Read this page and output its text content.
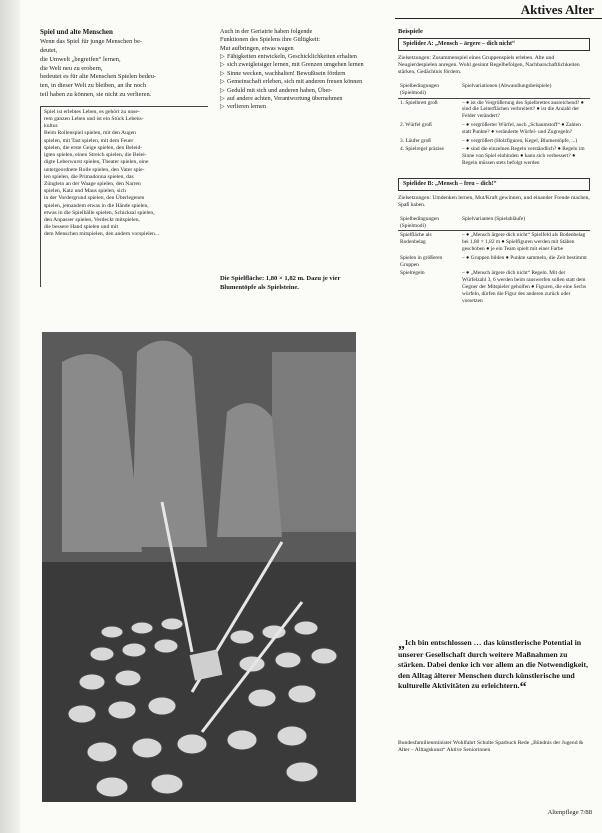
Aktives Alter
Spiel und alte Menschen

Wenn das Spiel für junge Menschen be-

deutet,

die Umwelt „begreifen“ lernen,

die Welt neu zu erobern,

bedeutet es für alte Menschen Spielen bedeu-

ten, in dieser Welt zu bleiben, an ihr noch

teil haben zu können, sie nicht zu verlieren.

Spiel ist erlebtes Leben, es gehört zu unse-

rem ganzen Leben und ist ein Stück Lebens-

kultur.

Beim Rollenspiel spielen, mit den Augen

spielen, mit Tast spielen, mit dem Feuer

spielen, die erste Geige spielen, den Beleid-

igten spielen, einen Streich spielen, die Belei-

digte Leberwurst spielen, Theater spielen, eine

untergeordnete Rolle spielen, den Vater spie-

len spielen, die Primadonna spielen, das

Zünglein an der Waage spielen, den Narren

spielen, Katz und Maus spielen, sich

in der Vordergrund spielen, den Überlegenen

spielen, jemandem etwas in die Hände spielen,

etwas in die Spielbälle spielen, Schicksal spielen,

den Anpasser spielen, Verdeckt mitspielen,

die bessere Hand spielen und mit

dem Menschen mitspielen, den andern vorspielen...

Auch in der Geriatrie haben folgende

Funktionen des Spielens ihre Gültigkeit:

Mut aufbringen, etwas wagen

▷ Fähigkeiten entwickeln, Geschicklichkeiten erhalten
▷ sich zweigleisiger lernen, mit Grenzen umgehen lernen
▷ Sinne wecken, wachhalten! Bewußtsein fördern
▷ Gemeinschaft erleben, sich mit anderen freuen können
▷ Geduld mit sich und anderen haben, Über-
▷ auf andere achten, Verantwortung übernehmen
▷ verlieren lernen
Die Spielfläche: 1,80 × 1,82 m. Dazu je vier Blumentöpfe als Spielsteine.
Beispiele
Spielidee A: „Mensch – ärgere – dich nicht“
Zielsetzungen: Zusammenspiel eines Gruppenspiels erleben. Alte und Neugierdespielen anregen. Wohl gesinnt Regelbefolgen, Nachbarschaftlichkeiten stärken, Gedächtnis fördern.
Spielbedingungen (Spielmodi)	Spielvariationen (Abwandlungsbeispiele)
1. Spielbrett groß	– ● ist die Vergrößerung des Spielbrettes ausreichend? ● sind die Leiterflächen verbreitert? ● ist die Anzahl der Felder verändert?
2. Würfel groß	– ● vergrößerter Würfel, auch „Schaumstoff“ ● Zahlen statt Punkte? ● veränderte Würfel- und Zugregeln?
3. Läufer groß	– ● vergrößert (Holzfiguren, Kegel, Blumentöpfe, ...)
4. Spielregel präzise	– ● sind die einzelnen Regeln verständlich? ● Regeln im Sinne von Spiel einbinden ● kann sich verbessert? ● Regeln müssen stets befolgt werden
Spielidee B: „Mensch – freu – dich!“
Zielsetzungen: Umdenken lernen, Mut/Kraft gewinnen, und einander Freude machen, Spaß haben.
Spielbedingungen (Spielmodi)	Spielvarianten (Spielabläufe)
Spielfläche als Bodenbelag	– ● „Mensch ärgere dich nicht“ Spielfeld als Bodenbelag bei 1,80 × 1,82 m ● Spielfiguren werden mit Stäben geschoben ● je ein Team spielt mit einer Farbe
Spielen in größeren Gruppen	– ● Gruppen bilden ● Punkte sammeln, die Zeit bestimmt
Spielregeln	– ● „Mensch ärgere dich nicht“ Regeln. Mit der Würfelzahl 3, 6 werden beim rauswerfen sollen statt dem Gegner der Mitspieler geholfen ● Figuren, die eine Sechs würfeln, dürfen die Figur des anderen zurück oder vorsetzen
„Ich bin entschlossen … das künstlerische Potential in unserer Gesellschaft durch weitere Maßnahmen zu stärken. Dabei denke ich vor allem an die Notwendigkeit, den Alltag älterer Menschen durch künstlerische und kulturelle Aktivitäten zu erleichtern.“
Bundesfamilienminister Wohlfahrt Schulte Sparbuch Rede „Bündnis der Jugend & Alter – Alltagskunst“ Aktive Seniorinnen
Altenpflege 7/88
